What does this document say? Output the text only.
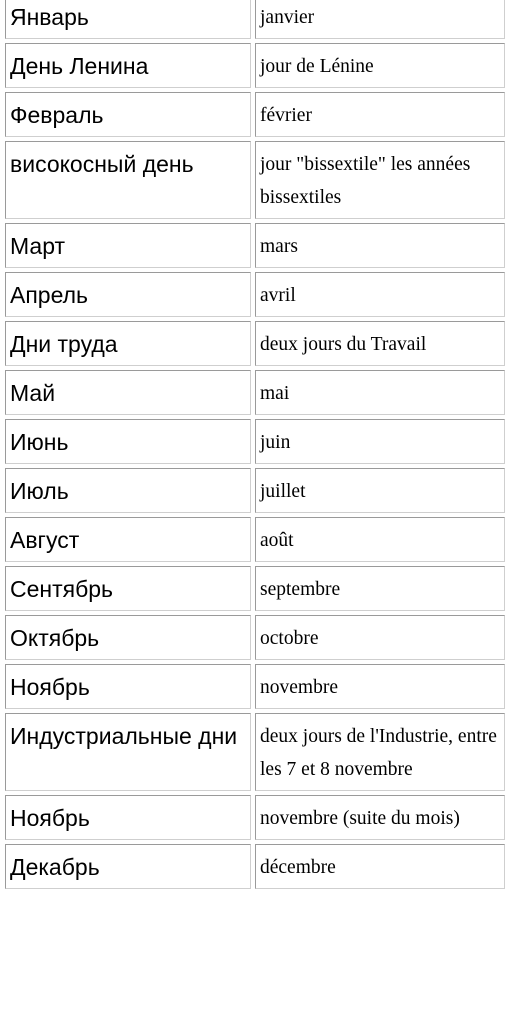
Январь	janvier
День Ленина	jour de Lénine
Февраль	février
високосный день	jour "bissextile" les années bissextiles
Март	mars
Апрель	avril
Дни труда	deux jours du Travail
Май	mai
Июнь	juin
Июль	juillet
Август	août
Сентябрь	septembre
Октябрь	octobre
Ноябрь	novembre
Индустриальные дни	deux jours de l'Industrie, entre les 7 et 8 novembre
Ноябрь	novembre (suite du mois)
Декабрь	décembre
